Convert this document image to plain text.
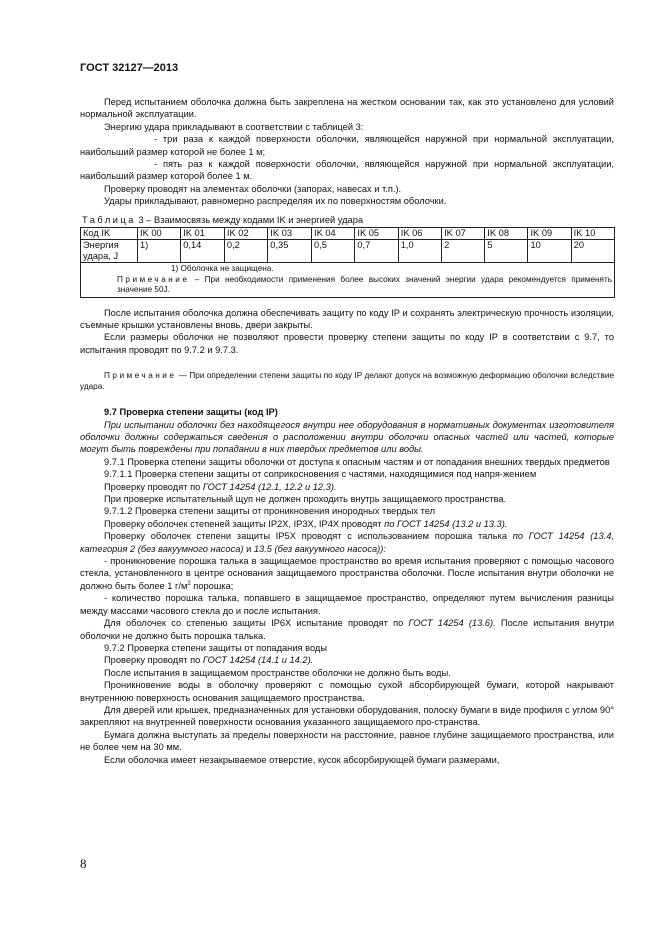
ГОСТ 32127—2013

Перед испытанием оболочка должна быть закреплена на жестком основании так, как это установлено для условий нормальной эксплуатации.

Энергию удара прикладывают в соответствии с таблицей 3:

- три раза к каждой поверхности оболочки, являющейся наружной при нормальной эксплуатации, наибольший размер которой не более 1 м;

- пять раз к каждой поверхности оболочки, являющейся наружной при нормальной эксплуатации, наибольший размер которой более 1 м.

Проверку проводят на элементах оболочки (запорах, навесах и т.п.).

Удары прикладывают, равномерно распределяя их по поверхностям оболочки.

Таблица 3 – Взаимосвязь между кодами IK и энергией удара
Код IK	IK 00	IK 01	IK 02	IK 03	IK 04	IK 05	IK 06	IK 07	IK 08	IK 09	IK 10
Энергия удара, J	1)	0,14	0,2	0,35	0,5	0,7	1,0	2	5	10	20

1) Оболочка не защищена.
Примечание – При необходимости применения более высоких значений энергии удара рекомендуется применять значение 50J.											

После испытания оболочка должна обеспечивать защиту по коду IP и сохранять электрическую прочность изоляции, съемные крышки установлены вновь, двери закрыты.

Если размеры оболочки не позволяют провести проверку степени защиты по коду IP в соответствии с 9.7, то испытания проводят по 9.7.2 и 9.7.3.

Примечание — При определении степени защиты по коду IP делают допуск на возможную деформацию оболочки вследствие удара.

9.7 Проверка степени защиты (код IP)

При испытании оболочки без находящегося внутри нее оборудования в нормативных документах изготовителя оболочки должны содержаться сведения о расположении внутри оболочки опасных частей или частей, которые могут быть повреждены при попадании в них твердых предметов или воды.

9.7.1 Проверка степени защиты оболочки от доступа к опасным частям и от попадания внешних твердых предметов

9.7.1.1 Проверка степени защиты от соприкосновения с частями, находящимися под напря-жением

Проверку проводят по ГОСТ 14254 (12.1, 12.2 и 12.3).

При проверке испытательный щуп не должен проходить внутрь защищаемого пространства.

9.7.1.2 Проверка степени защиты от проникновения инородных твердых тел

Проверку оболочек степеней защиты IP2X, IP3X, IP4X проводят по ГОСТ 14254 (13.2 и 13.3).

Проверку оболочек степени защиты IP5X проводят с использованием порошка талька по ГОСТ 14254 (13.4, категория 2 (без вакуумного насоса) и 13.5 (без вакуумного насоса)):

- проникновение порошка талька в защищаемое пространство во время испытания проверяют с помощью часового стекла, установленного в центре основания защищаемого пространства оболочки. После испытания внутри оболочки не должно быть более 1 $г/м^2$ порошка;

- количество порошка талька, попавшего в защищаемое пространство, определяют путем вычисления разницы между массами часового стекла до и после испытания.

Для оболочек со степенью защиты IP6X испытание проводят по ГОСТ 14254 (13.6). После испытания внутри оболочки не должно быть порошка талька.

9.7.2 Проверка степени защиты от попадания воды

Проверку проводят по ГОСТ 14254 (14.1 и 14.2).

После испытания в защищаемом пространстве оболочки не должно быть воды.

Проникновение воды в оболочку проверяют с помощью сухой абсорбирующей бумаги, которой накрывают внутреннюю поверхность основания защищаемого пространства.

Для дверей или крышек, предназначенных для установки оборудования, полоску бумаги в виде профиля с углом 90° закрепляют на внутренней поверхности основания указанного защищаемого про-странства.

Бумага должна выступать за пределы поверхности на расстояние, равное глубине защищаемого пространства, или не более чем на 30 мм.

Если оболочка имеет незакрываемое отверстие, кусок абсорбирующей бумаги размерами,

8
